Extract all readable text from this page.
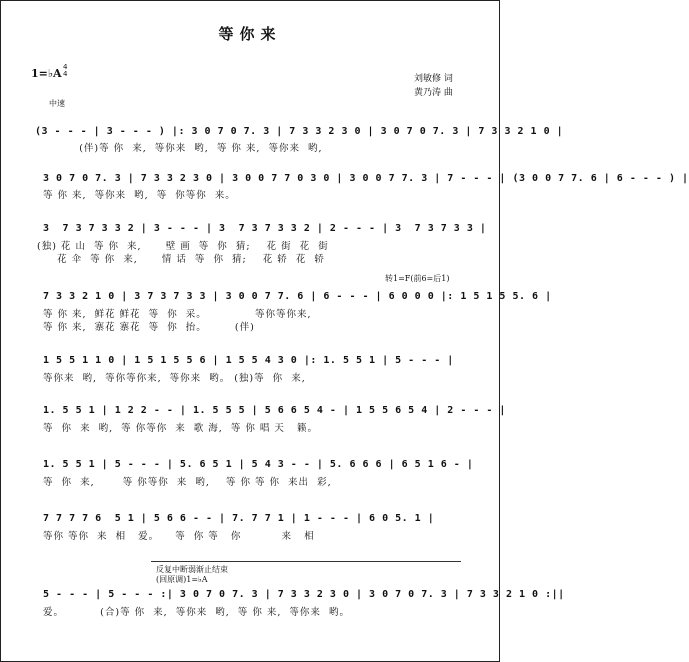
等你来
1=♭A 4
4	刘敏修 词
黄乃涛 曲
中速
(3 - - - | 3 - - - ) |: 3 0 7 0 7. 3 | 7 3 3 2 3 0 | 3 0 7 0 7. 3 | 7 3 3 2 1 0 |
(伴)等 你  来,  等你来  哟,  等 你 来,  等你来  哟,
3 0 7 0 7. 3 | 7 3 3 2 3 0 | 3 0 0 7 7 0 3 0 | 3 0 0 7 7. 3 | 7 - - - | (3 0 0 7 7. 6 | 6 - - - ) |
等 你 来,  等你来  哟,  等  你等你  来。
3  7 3 7 3 3 2 | 3 - - - | 3  7 3 7 3 3 2 | 2 - - - | 3  7 3 7 3 3 |
(独) 花 山  等 你  来,      壁 画  等  你  猜;    花 街  花  街
花 伞  等 你  来,      情 话  等  你  猜;    花 轿  花  轿
转1=F(前6=后1)
7 3 3 2 1 0 | 3 7 3 7 3 3 | 3 0 0 7 7. 6 | 6 - - - | 6 0 0 0 |: 1 5 1 5 5. 6 |
等 你 来,  鲜花 鲜花  等  你  采。            等你等你来,
等 你 来,  寨花 寨花  等  你  抬。       (伴)
1 5 5 1 1 0 | 1 5 1 5 5 6 | 1 5 5 4 3 0 |: 1. 5 5 1 | 5 - - - |
等你来  哟,  等你等你来,  等你来  哟。 (独)等  你  来,
1. 5 5 1 | 1 2 2 - - | 1. 5 5 5 | 5 6 6 5 4 - | 1 5 5 6 5 4 | 2 - - - |
等  你  来  哟,  等 你等你  来  歌 海,  等 你 唱 天   籁。
1. 5 5 1 | 5 - - - | 5. 6 5 1 | 5 4 3 - - | 5. 6 6 6 | 6 5 1 6 - |
等  你  来,       等 你等你  来  哟,    等 你 等 你  来出  彩,
7 7 7 7 6  5 1 | 5 6 6 - - | 7. 7 7 1 | 1 - - - | 6 0 5. 1 |
等你 等你  来  相   爱。    等  你 等   你          来   相
反复中断弱渐止结束
(回原调)1=♭A
5 - - - | 5 - - - :| 3 0 7 0 7. 3 | 7 3 3 2 3 0 | 3 0 7 0 7. 3 | 7 3 3 2 1 0 :||
爱。         (合)等 你  来,  等你来  哟,  等 你 来,  等你来  哟。
